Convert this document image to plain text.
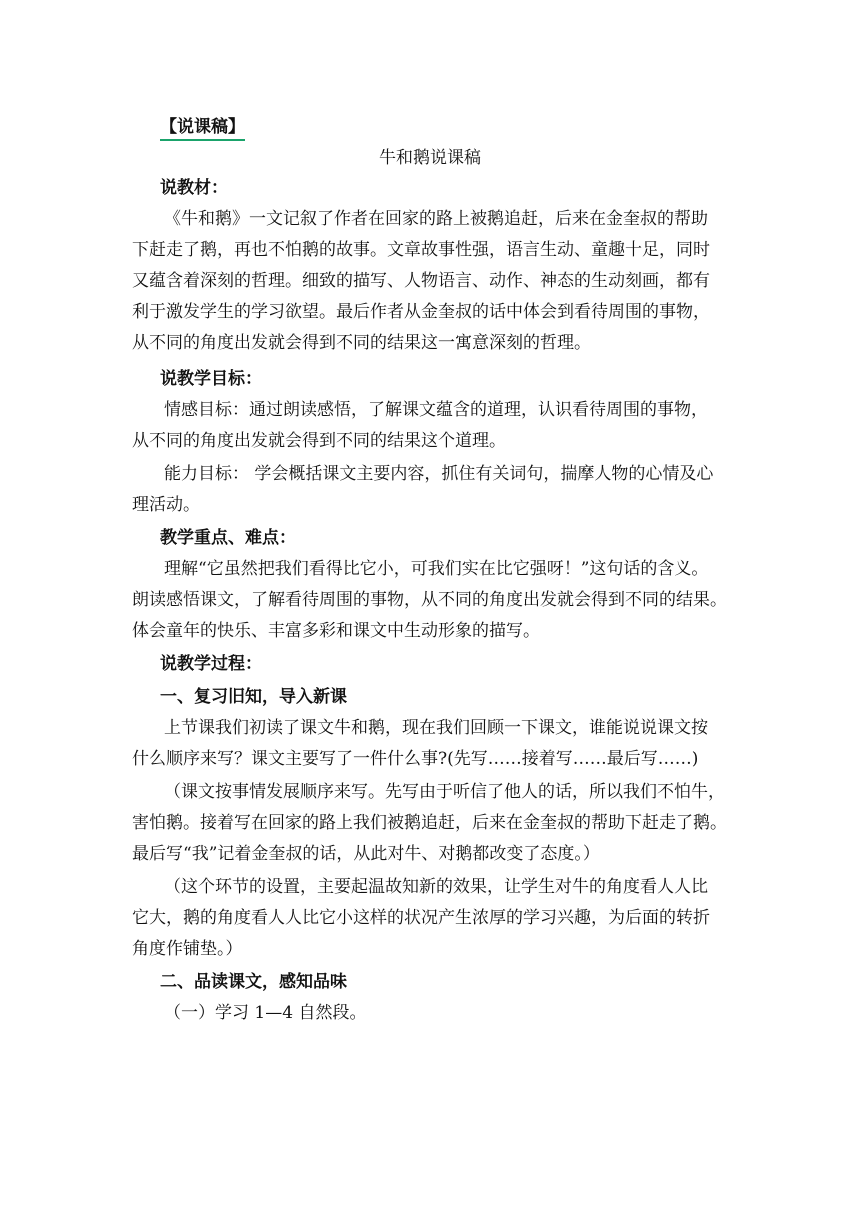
【说课稿】
牛和鹅说课稿
说教材：
《牛和鹅》一文记叙了作者在回家的路上被鹅追赶，后来在金奎叔的帮助
下赶走了鹅，再也不怕鹅的故事。文章故事性强，语言生动、童趣十足，同时
又蕴含着深刻的哲理。细致的描写、人物语言、动作、神态的生动刻画，都有
利于激发学生的学习欲望。最后作者从金奎叔的话中体会到看待周围的事物，
从不同的角度出发就会得到不同的结果这一寓意深刻的哲理。
说教学目标：
情感目标：通过朗读感悟，了解课文蕴含的道理，认识看待周围的事物，
从不同的角度出发就会得到不同的结果这个道理。
能力目标： 学会概括课文主要内容，抓住有关词句，揣摩人物的心情及心
理活动。
教学重点、难点：
理解“它虽然把我们看得比它小，可我们实在比它强呀！”这句话的含义。
朗读感悟课文，了解看待周围的事物，从不同的角度出发就会得到不同的结果。
体会童年的快乐、丰富多彩和课文中生动形象的描写。
说教学过程：
一、复习旧知，导入新课
上节课我们初读了课文牛和鹅，现在我们回顾一下课文，谁能说说课文按
什么顺序来写？课文主要写了一件什么事?(先写……接着写……最后写……)
（课文按事情发展顺序来写。先写由于听信了他人的话，所以我们不怕牛，
害怕鹅。接着写在回家的路上我们被鹅追赶，后来在金奎叔的帮助下赶走了鹅。
最后写“我”记着金奎叔的话，从此对牛、对鹅都改变了态度。）
（这个环节的设置，主要起温故知新的效果，让学生对牛的角度看人人比
它大，鹅的角度看人人比它小这样的状况产生浓厚的学习兴趣，为后面的转折
角度作铺垫。）
二、品读课文，感知品味
（一）学习 1—4 自然段。
